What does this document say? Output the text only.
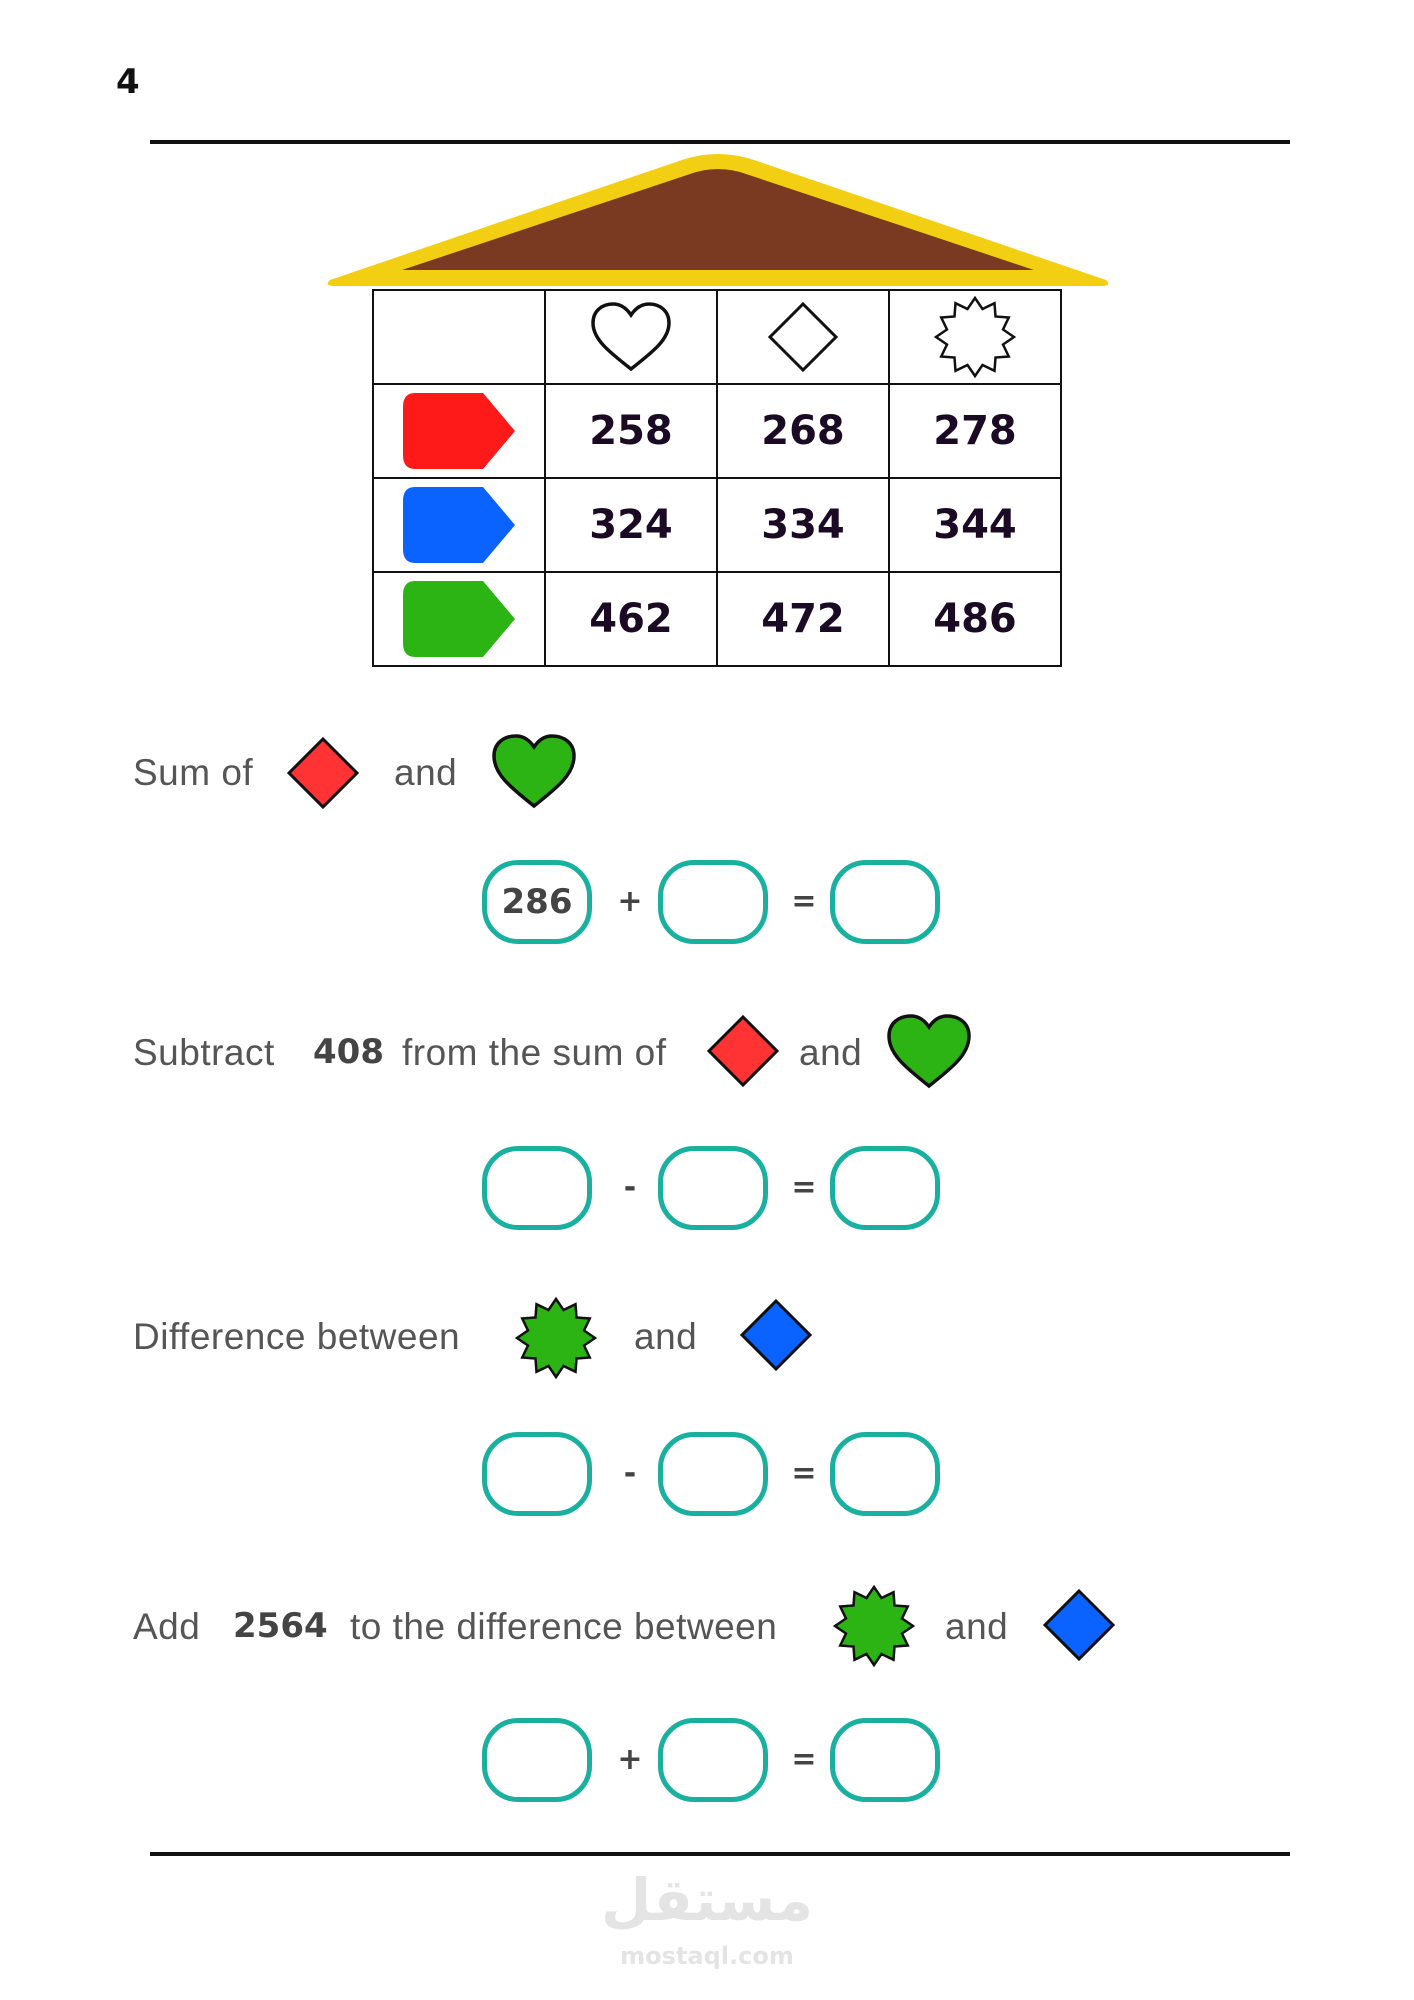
4

	258	268	278

	324	334	344

	462	472	486
Sum of	and
286	+	=
Subtract 408 from the sum of	and
-	=
Difference between	and
-	=
Add 2564 to the difference between	and
+	=
مستقل
mostaql.com
